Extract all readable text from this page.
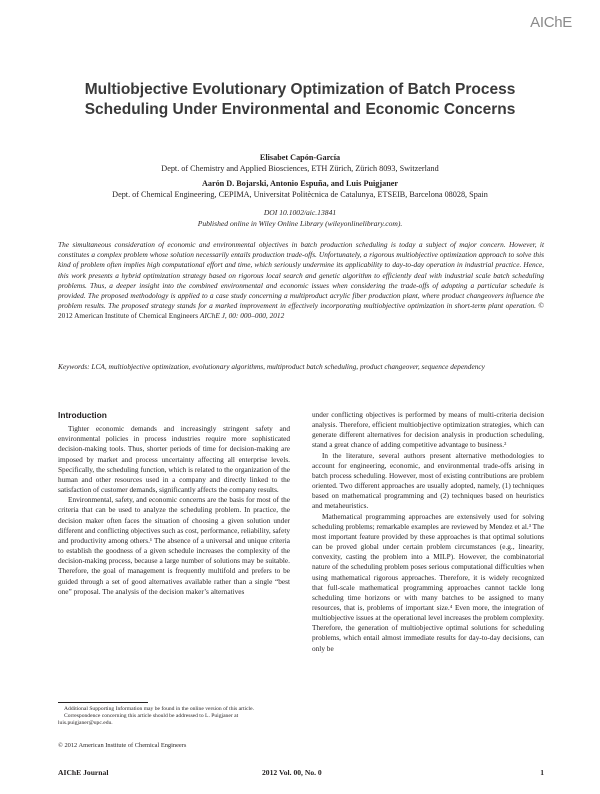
AIChE
Multiobjective Evolutionary Optimization of Batch Process
Scheduling Under Environmental and Economic Concerns
Elisabet Capón-García
Dept. of Chemistry and Applied Biosciences, ETH Zürich, Zürich 8093, Switzerland
Aarón D. Bojarski, Antonio Espuña, and Luis Puigjaner
Dept. of Chemical Engineering, CEPIMA, Universitat Politècnica de Catalunya, ETSEIB, Barcelona 08028, Spain
DOI 10.1002/aic.13841
Published online in Wiley Online Library (wileyonlinelibrary.com).

The simultaneous consideration of economic and environmental objectives in batch production scheduling is today a subject of major concern. However, it constitutes a complex problem whose solution necessarily entails production trade-offs. Unfortunately, a rigorous multiobjective optimization approach to solve this kind of problem often implies high computational effort and time, which seriously undermine its applicability to day-to-day operation in industrial practice. Hence, this work presents a hybrid optimization strategy based on rigorous local search and genetic algorithm to efficiently deal with industrial scale batch scheduling problems. Thus, a deeper insight into the combined environmental and economic issues when considering the trade-offs of adopting a particular schedule is provided. The proposed methodology is applied to a case study concerning a multiproduct acrylic fiber production plant, where product changeovers influence the problem results. The proposed strategy stands for a marked improvement in effectively incorporating multiobjective optimization in short-term plant operation. © 2012 American Institute of Chemical Engineers AIChE J, 00: 000–000, 2012

Keywords: LCA, multiobjective optimization, evolutionary algorithms, multiproduct batch scheduling, product changeover, sequence dependency
Introduction

Tighter economic demands and increasingly stringent safety and environmental policies in process industries require more sophisticated decision-making tools. Thus, shorter periods of time for decision-making are imposed by market and process uncertainty affecting all enterprise levels. Specifically, the scheduling function, which is related to the organization of the human and other resources used in a company and directly linked to the satisfaction of customer demands, significantly affects the company results.

Environmental, safety, and economic concerns are the basis for most of the criteria that can be used to analyze the scheduling problem. In practice, the decision maker often faces the situation of choosing a given solution under different and conflicting objectives such as cost, performance, reliability, safety and productivity among others.¹ The absence of a universal and unique criteria to establish the goodness of a given schedule increases the complexity of the decision-making process, because a large number of solutions may be suitable. Therefore, the goal of management is frequently multifold and prefers to be guided through a set of good alternatives available rather than a single “best one” proposal. The analysis of the decision maker’s alternatives

under conflicting objectives is performed by means of multi-criteria decision analysis. Therefore, efficient multiobjective optimization strategies, which can generate different alternatives for decision analysis in production scheduling, stand a great chance of adding competitive advantage to business.²

In the literature, several authors present alternative methodologies to account for engineering, economic, and environmental trade-offs arising in batch process scheduling. However, most of existing contributions are problem oriented. Two different approaches are usually adopted, namely, (1) techniques based on mathematical programming and (2) techniques based on heuristics and metaheuristics.

Mathematical programming approaches are extensively used for solving scheduling problems; remarkable examples are reviewed by Mendez et al.³ The most important feature provided by these approaches is that optimal solutions can be proved global under certain problem circumstances (e.g., linearity, convexity, casting the problem into a MILP). However, the combinatorial nature of the scheduling problem poses serious computational difficulties when using mathematical rigorous approaches. Therefore, it is widely recognized that full-scale mathematical programming approaches cannot tackle long scheduling time horizons or with many batches to be assigned to many resources, that is, problems of important size.⁴ Even more, the integration of multiobjective issues at the operational level increases the problem complexity. Therefore, the generation of multiobjective optimal solutions for scheduling problems, which entail almost immediate results for day-to-day decisions, can only be

Additional Supporting Information may be found in the online version of this article.

Correspondence concerning this article should be addressed to L. Puigjaner at luis.puigjaner@upc.edu.

© 2012 American Institute of Chemical Engineers
AIChE Journal	2012 Vol. 00, No. 0	1
